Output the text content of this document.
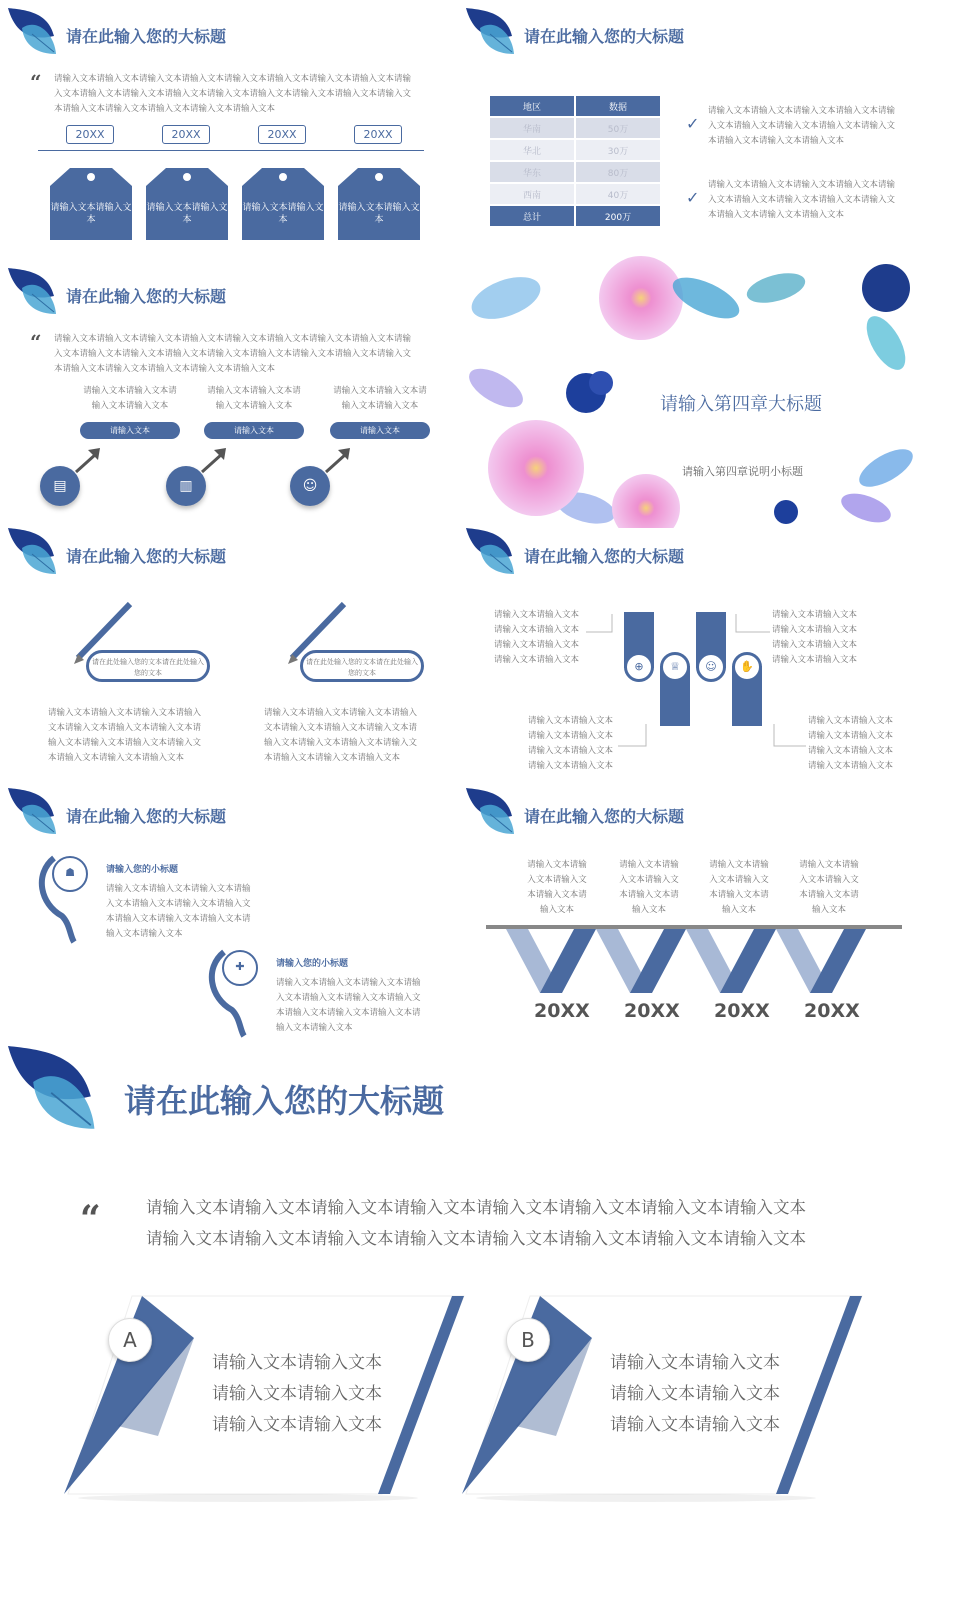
请在此输入您的大标题
“ 请输入文本请输入文本请输入文本请输入文本请输入文本请输入文本请输入文本请输入文本请输入文本请输入文本请输入文本请输入文本请输入文本请输入文本请输入文本请输入文本请输入文本请输入文本请输入文本请输入文本请输入文本请输入文本
20XX	20XX	20XX	20XX
请输入文本请输入文本
请输入文本请输入文本
请输入文本请输入文本
请输入文本请输入文本
请在此输入您的大标题
地区	数据
华南	50万
华北	30万
华东	80万
西南	40万
总计	200万
✓
请输入文本请输入文本请输入文本请输入文本请输入文本请输入文本请输入文本请输入文本请输入文本请输入文本请输入文本请输入文本
✓
请输入文本请输入文本请输入文本请输入文本请输入文本请输入文本请输入文本请输入文本请输入文本请输入文本请输入文本请输入文本
请在此输入您的大标题
“ 请输入文本请输入文本请输入文本请输入文本请输入文本请输入文本请输入文本请输入文本请输入文本请输入文本请输入文本请输入文本请输入文本请输入文本请输入文本请输入文本请输入文本请输入文本请输入文本请输入文本请输入文本请输入文本
请输入文本请输入文本请输入文本请输入文本
请输入文本
▤
请输入文本请输入文本请输入文本请输入文本
请输入文本
▥
请输入文本请输入文本请输入文本请输入文本
请输入文本
☺
请输入第四章大标题
请输入第四章说明小标题
请在此输入您的大标题
请在此处输入您的文本请在此处输入您的文本
请输入文本请输入文本请输入文本请输入文本请输入文本请输入文本请输入文本请输入文本请输入文本请输入文本请输入文本请输入文本请输入文本请输入文本
请在此处输入您的文本请在此处输入您的文本
请输入文本请输入文本请输入文本请输入文本请输入文本请输入文本请输入文本请输入文本请输入文本请输入文本请输入文本请输入文本请输入文本请输入文本
请在此输入您的大标题
请输入文本请输入文本请输入文本请输入文本请输入文本请输入文本请输入文本请输入文本
请输入文本请输入文本请输入文本请输入文本请输入文本请输入文本请输入文本请输入文本
请输入文本请输入文本请输入文本请输入文本请输入文本请输入文本请输入文本请输入文本
请输入文本请输入文本请输入文本请输入文本请输入文本请输入文本请输入文本请输入文本
⊕	♕	☺	✋
请在此输入您的大标题
☗	请输入您的小标题
请输入文本请输入文本请输入文本请输入文本请输入文本请输入文本请输入文本请输入文本请输入文本请输入文本请输入文本请输入文本
✚	请输入您的小标题
请输入文本请输入文本请输入文本请输入文本请输入文本请输入文本请输入文本请输入文本请输入文本请输入文本请输入文本请输入文本
请在此输入您的大标题
请输入文本请输入文本请输入文本请输入文本请输入文本
请输入文本请输入文本请输入文本请输入文本请输入文本
请输入文本请输入文本请输入文本请输入文本请输入文本
请输入文本请输入文本请输入文本请输入文本请输入文本
20XX 20XX 20XX 20XX
请在此输入您的大标题
“	请输入文本请输入文本请输入文本请输入文本请输入文本请输入文本请输入文本请输入文本
请输入文本请输入文本请输入文本请输入文本请输入文本请输入文本请输入文本请输入文本
A
请输入文本请输入文本
请输入文本请输入文本
请输入文本请输入文本
B
请输入文本请输入文本
请输入文本请输入文本
请输入文本请输入文本
